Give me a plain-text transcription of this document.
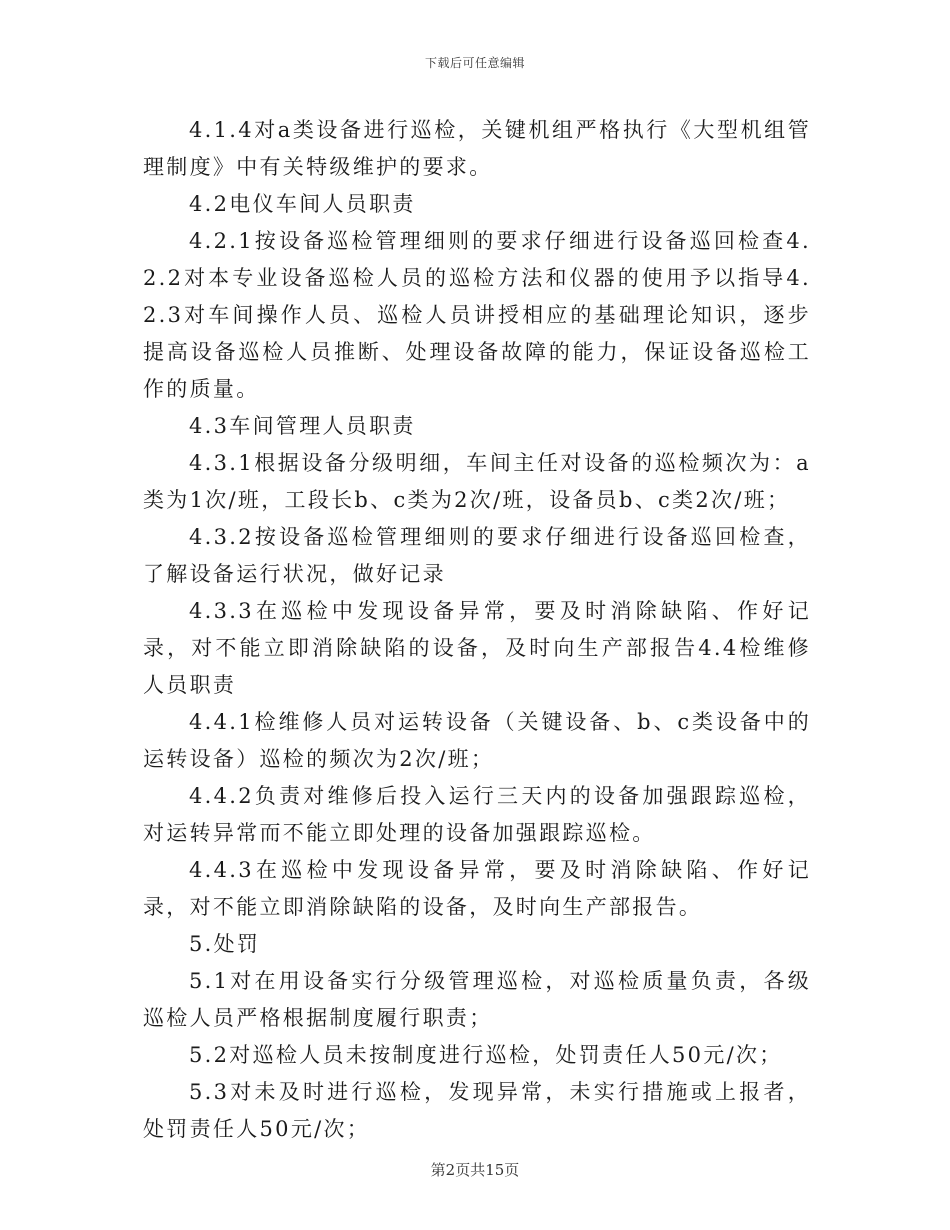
下载后可任意编辑

4.1.4对a类设备进行巡检，关键机组严格执行《大型机组管理制度》中有关特级维护的要求。

4.2电仪车间人员职责

4.2.1按设备巡检管理细则的要求仔细进行设备巡回检查4.2.2对本专业设备巡检人员的巡检方法和仪器的使用予以指导4.2.3对车间操作人员、巡检人员讲授相应的基础理论知识，逐步提高设备巡检人员推断、处理设备故障的能力，保证设备巡检工作的质量。

4.3车间管理人员职责

4.3.1根据设备分级明细，车间主任对设备的巡检频次为：a类为1次/班，工段长b、c类为2次/班，设备员b、c类2次/班；

4.3.2按设备巡检管理细则的要求仔细进行设备巡回检查，了解设备运行状况，做好记录

4.3.3在巡检中发现设备异常，要及时消除缺陷、作好记录，对不能立即消除缺陷的设备，及时向生产部报告4.4检维修人员职责

4.4.1检维修人员对运转设备（关键设备、b、c类设备中的运转设备）巡检的频次为2次/班；

4.4.2负责对维修后投入运行三天内的设备加强跟踪巡检，对运转异常而不能立即处理的设备加强跟踪巡检。

4.4.3在巡检中发现设备异常，要及时消除缺陷、作好记录，对不能立即消除缺陷的设备，及时向生产部报告。

5.处罚

5.1对在用设备实行分级管理巡检，对巡检质量负责，各级巡检人员严格根据制度履行职责；

5.2对巡检人员未按制度进行巡检，处罚责任人50元/次；

5.3对未及时进行巡检，发现异常，未实行措施或上报者，处罚责任人50元/次；

第2页共15页
